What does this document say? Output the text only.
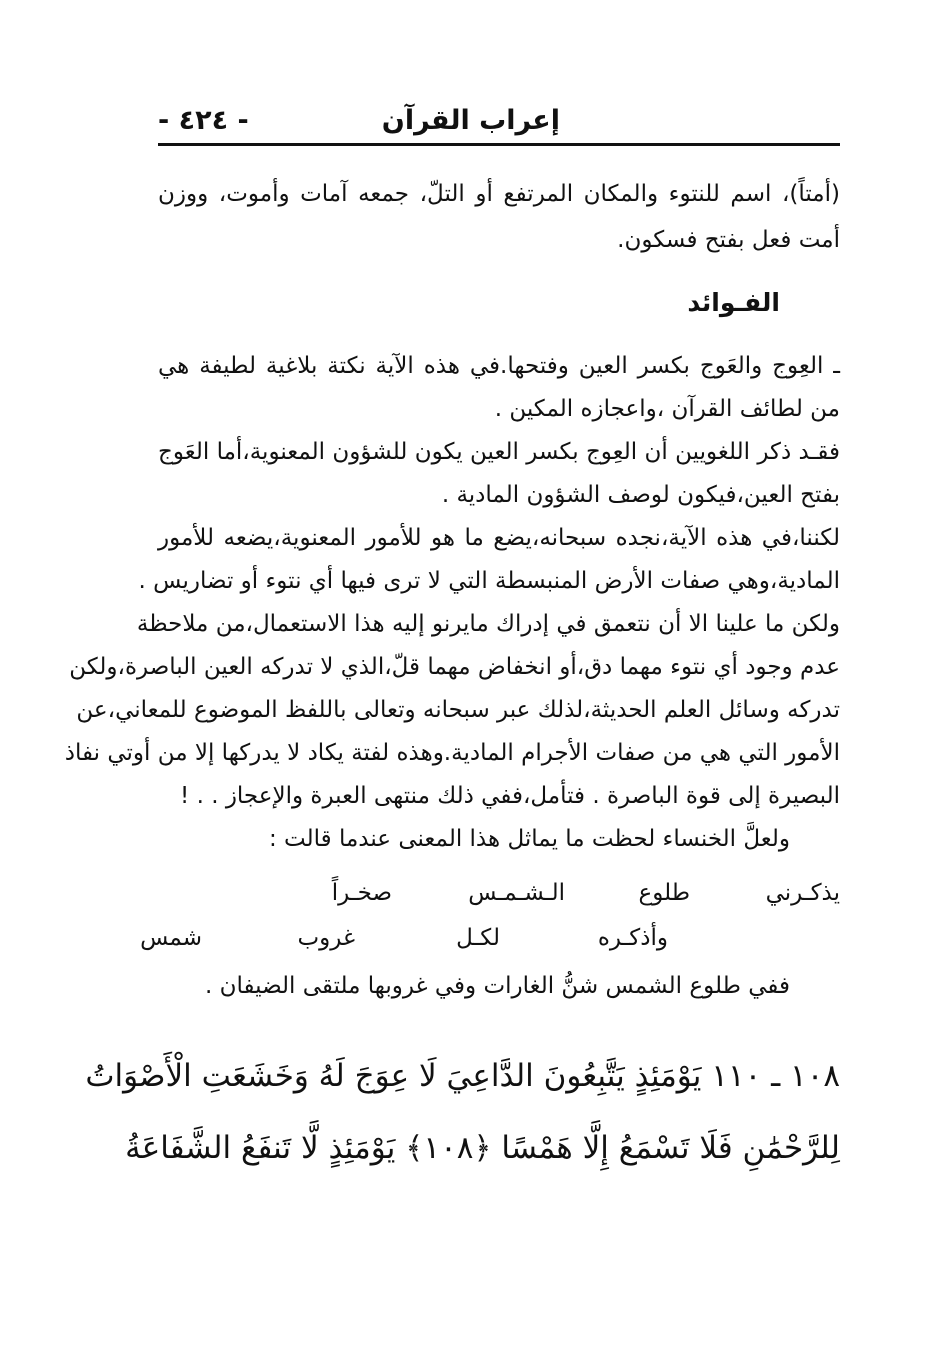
إعراب القرآن
- ٤٢٤ -
(أمتاً)، اسم للنتوء والمكان المرتفع أو التلّ، جمعه آمات وأموت، ووزن
أمت فعل بفتح فسكون.
الفـوائد
ـ العِوج والعَوج بكسر العين وفتحها.في هذه الآية نكتة بلاغية لطيفة هي
من لطائف القرآن ،واعجازه المكين .
فقـد ذكر اللغويين أن العِوج بكسر العين يكون للشؤون المعنوية،أما العَوج
بفتح العين،فيكون لوصف الشؤون المادية .
لكننا،في هذه الآية،نجده سبحانه،يضع ما هو للأمور المعنوية،يضعه للأمور
المادية،وهي صفات الأرض المنبسطة التي لا ترى فيها أي نتوء أو تضاريس .
ولكن ما علينا الا أن نتعمق في إدراك مايرنو إليه هذا الاستعمال،من ملاحظة
عدم وجود أي نتوء مهما دق،أو انخفاض مهما قلّ،الذي لا تدركه العين الباصرة،ولكن
تدركه وسائل العلم الحديثة،لذلك عبر سبحانه وتعالى باللفظ الموضوع للمعاني،عن
الأمور التي هي من صفات الأجرام المادية.وهذه لفتة يكاد لا يدركها إلا من أوتي نفاذ
البصيرة إلى قوة الباصرة . فتأمل،ففي ذلك منتهى العبرة والإعجاز . . !
ولعلَّ الخنساء لحظت ما يماثل هذا المعنى عندما قالت :
يذكـرني
طلوع
الـشـمـس
صخـراً
وأذكـره
لكـل
غروب
شمس
ففي طلوع الشمس شنُّ الغارات وفي غروبها ملتقى الضيفان .
١٠٨ ـ ١١٠ يَوْمَئِذٍ يَتَّبِعُونَ الدَّاعِيَ لَا عِوَجَ لَهُ وَخَشَعَتِ الْأَصْوَاتُ
لِلرَّحْمَٰنِ فَلَا تَسْمَعُ إِلَّا هَمْسًا ﴿١٠٨﴾ يَوْمَئِذٍ لَّا تَنفَعُ الشَّفَاعَةُ
